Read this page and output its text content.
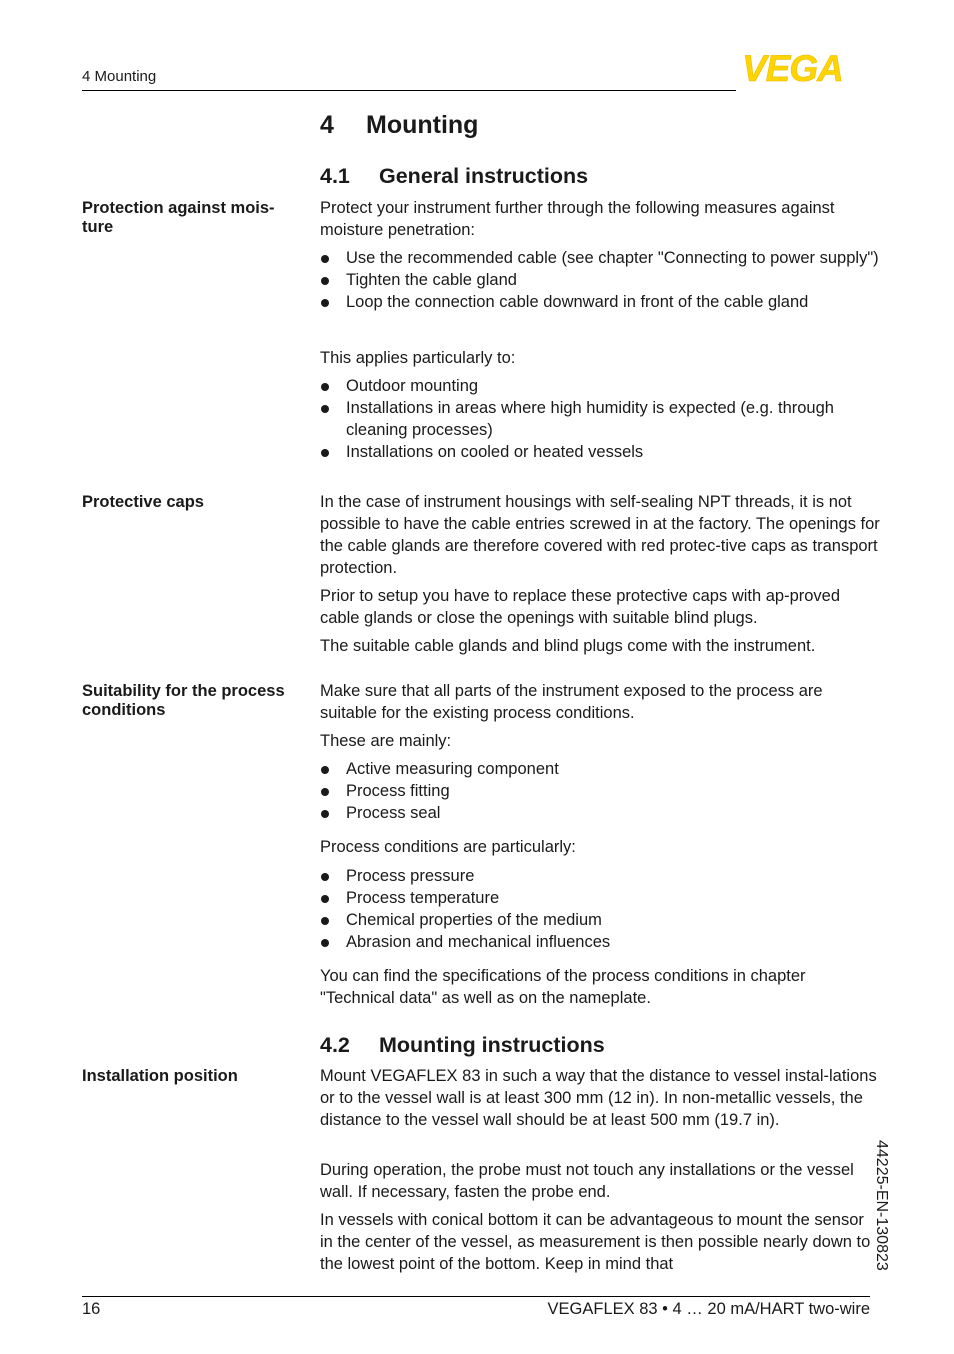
4 Mounting	VEGA
4 Mounting
4.1 General instructions
Protection against mois-
ture
Protect your instrument further through the following measures against moisture penetration:
Use the recommended cable (see chapter "Connecting to power supply")
Tighten the cable gland
Loop the connection cable downward in front of the cable gland
This applies particularly to:
Outdoor mounting
Installations in areas where high humidity is expected (e.g. through cleaning processes)
Installations on cooled or heated vessels
Protective caps	In the case of instrument housings with self-sealing NPT threads, it is not possible to have the cable entries screwed in at the factory. The openings for the cable glands are therefore covered with red protec-tive caps as transport protection.
Prior to setup you have to replace these protective caps with ap-proved cable glands or close the openings with suitable blind plugs.
The suitable cable glands and blind plugs come with the instrument.
Suitability for the process conditions
Make sure that all parts of the instrument exposed to the process are suitable for the existing process conditions.
These are mainly:
Active measuring component
Process fitting
Process seal
Process conditions are particularly:
Process pressure
Process temperature
Chemical properties of the medium
Abrasion and mechanical influences
You can find the specifications of the process conditions in chapter "Technical data" as well as on the nameplate.
4.2 Mounting instructions
Installation position	Mount VEGAFLEX 83 in such a way that the distance to vessel instal-lations or to the vessel wall is at least 300 mm (12 in). In non-metallic vessels, the distance to the vessel wall should be at least 500 mm (19.7 in).
During operation, the probe must not touch any installations or the vessel wall. If necessary, fasten the probe end.
In vessels with conical bottom it can be advantageous to mount the sensor in the center of the vessel, as measurement is then possible nearly down to the lowest point of the bottom. Keep in mind that	44225-EN-130823
16	VEGAFLEX 83 • 4 … 20 mA/HART two-wire
